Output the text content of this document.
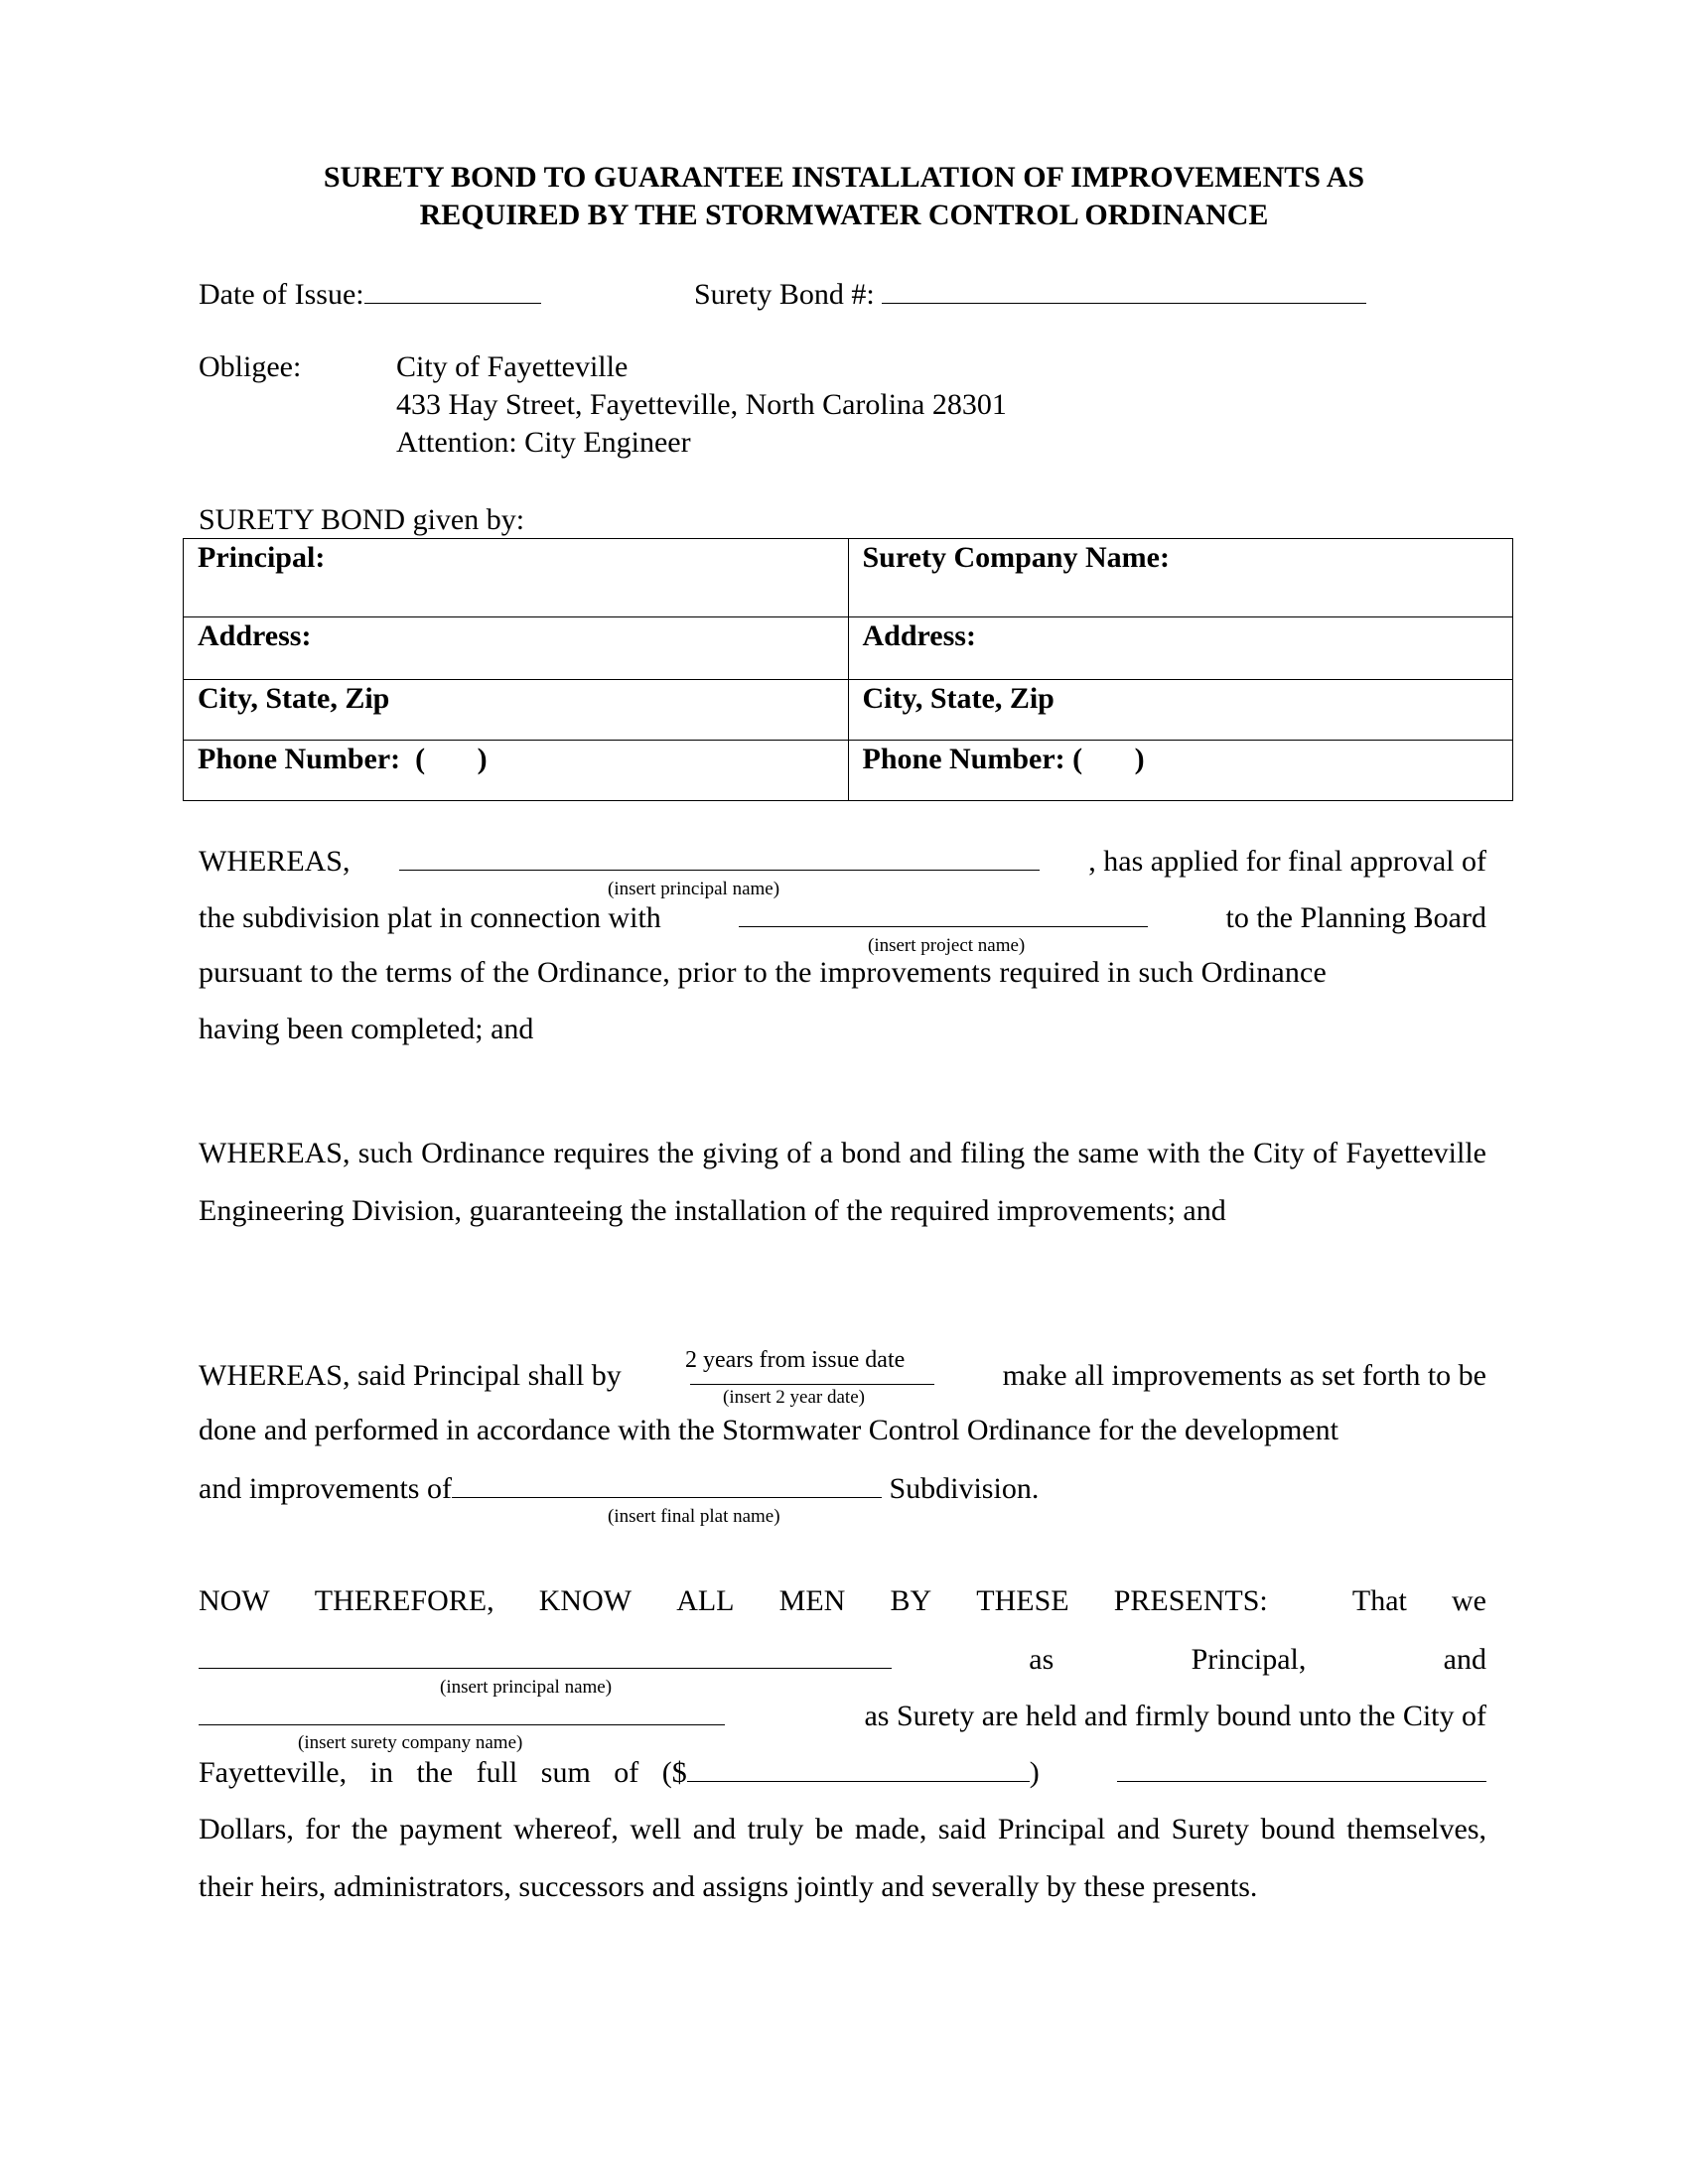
SURETY BOND TO GUARANTEE INSTALLATION OF IMPROVEMENTS AS
REQUIRED BY THE STORMWATER CONTROL ORDINANCE
Date of Issue:	Surety Bond #:
Obligee:	City of Fayetteville
433 Hay Street, Fayetteville, North Carolina 28301
Attention: City Engineer
SURETY BOND given by:
Principal:	Surety Company Name:
Address:	Address:
City, State, Zip	City, State, Zip
Phone Number:  (       )	Phone Number: (       )
WHEREAS,	, has applied for final approval of
(insert principal name)
the subdivision plat in connection with	to the Planning Board
(insert project name)
pursuant to the terms of the Ordinance, prior to the improvements required in such Ordinance
having been completed; and
WHEREAS, such Ordinance requires the giving of a bond and filing the same with the City of Fayetteville Engineering Division, guaranteeing the installation of the required improvements; and
2 years from issue date
WHEREAS, said Principal shall by	make all improvements as set forth to be
(insert 2 year date)
done and performed in accordance with the Stormwater Control Ordinance for the development
and improvements of	Subdivision.
(insert final plat name)
NOW THEREFORE, KNOW ALL MEN BY THESE PRESENTS:	That we
as	Principal,	and
(insert principal name)
as Surety are held and firmly bound unto the City of
(insert surety company name)
Fayetteville, in the full sum of ($	)
Dollars, for the payment whereof, well and truly be made, said Principal and Surety bound themselves, their heirs, administrators, successors and assigns jointly and severally by these presents.
